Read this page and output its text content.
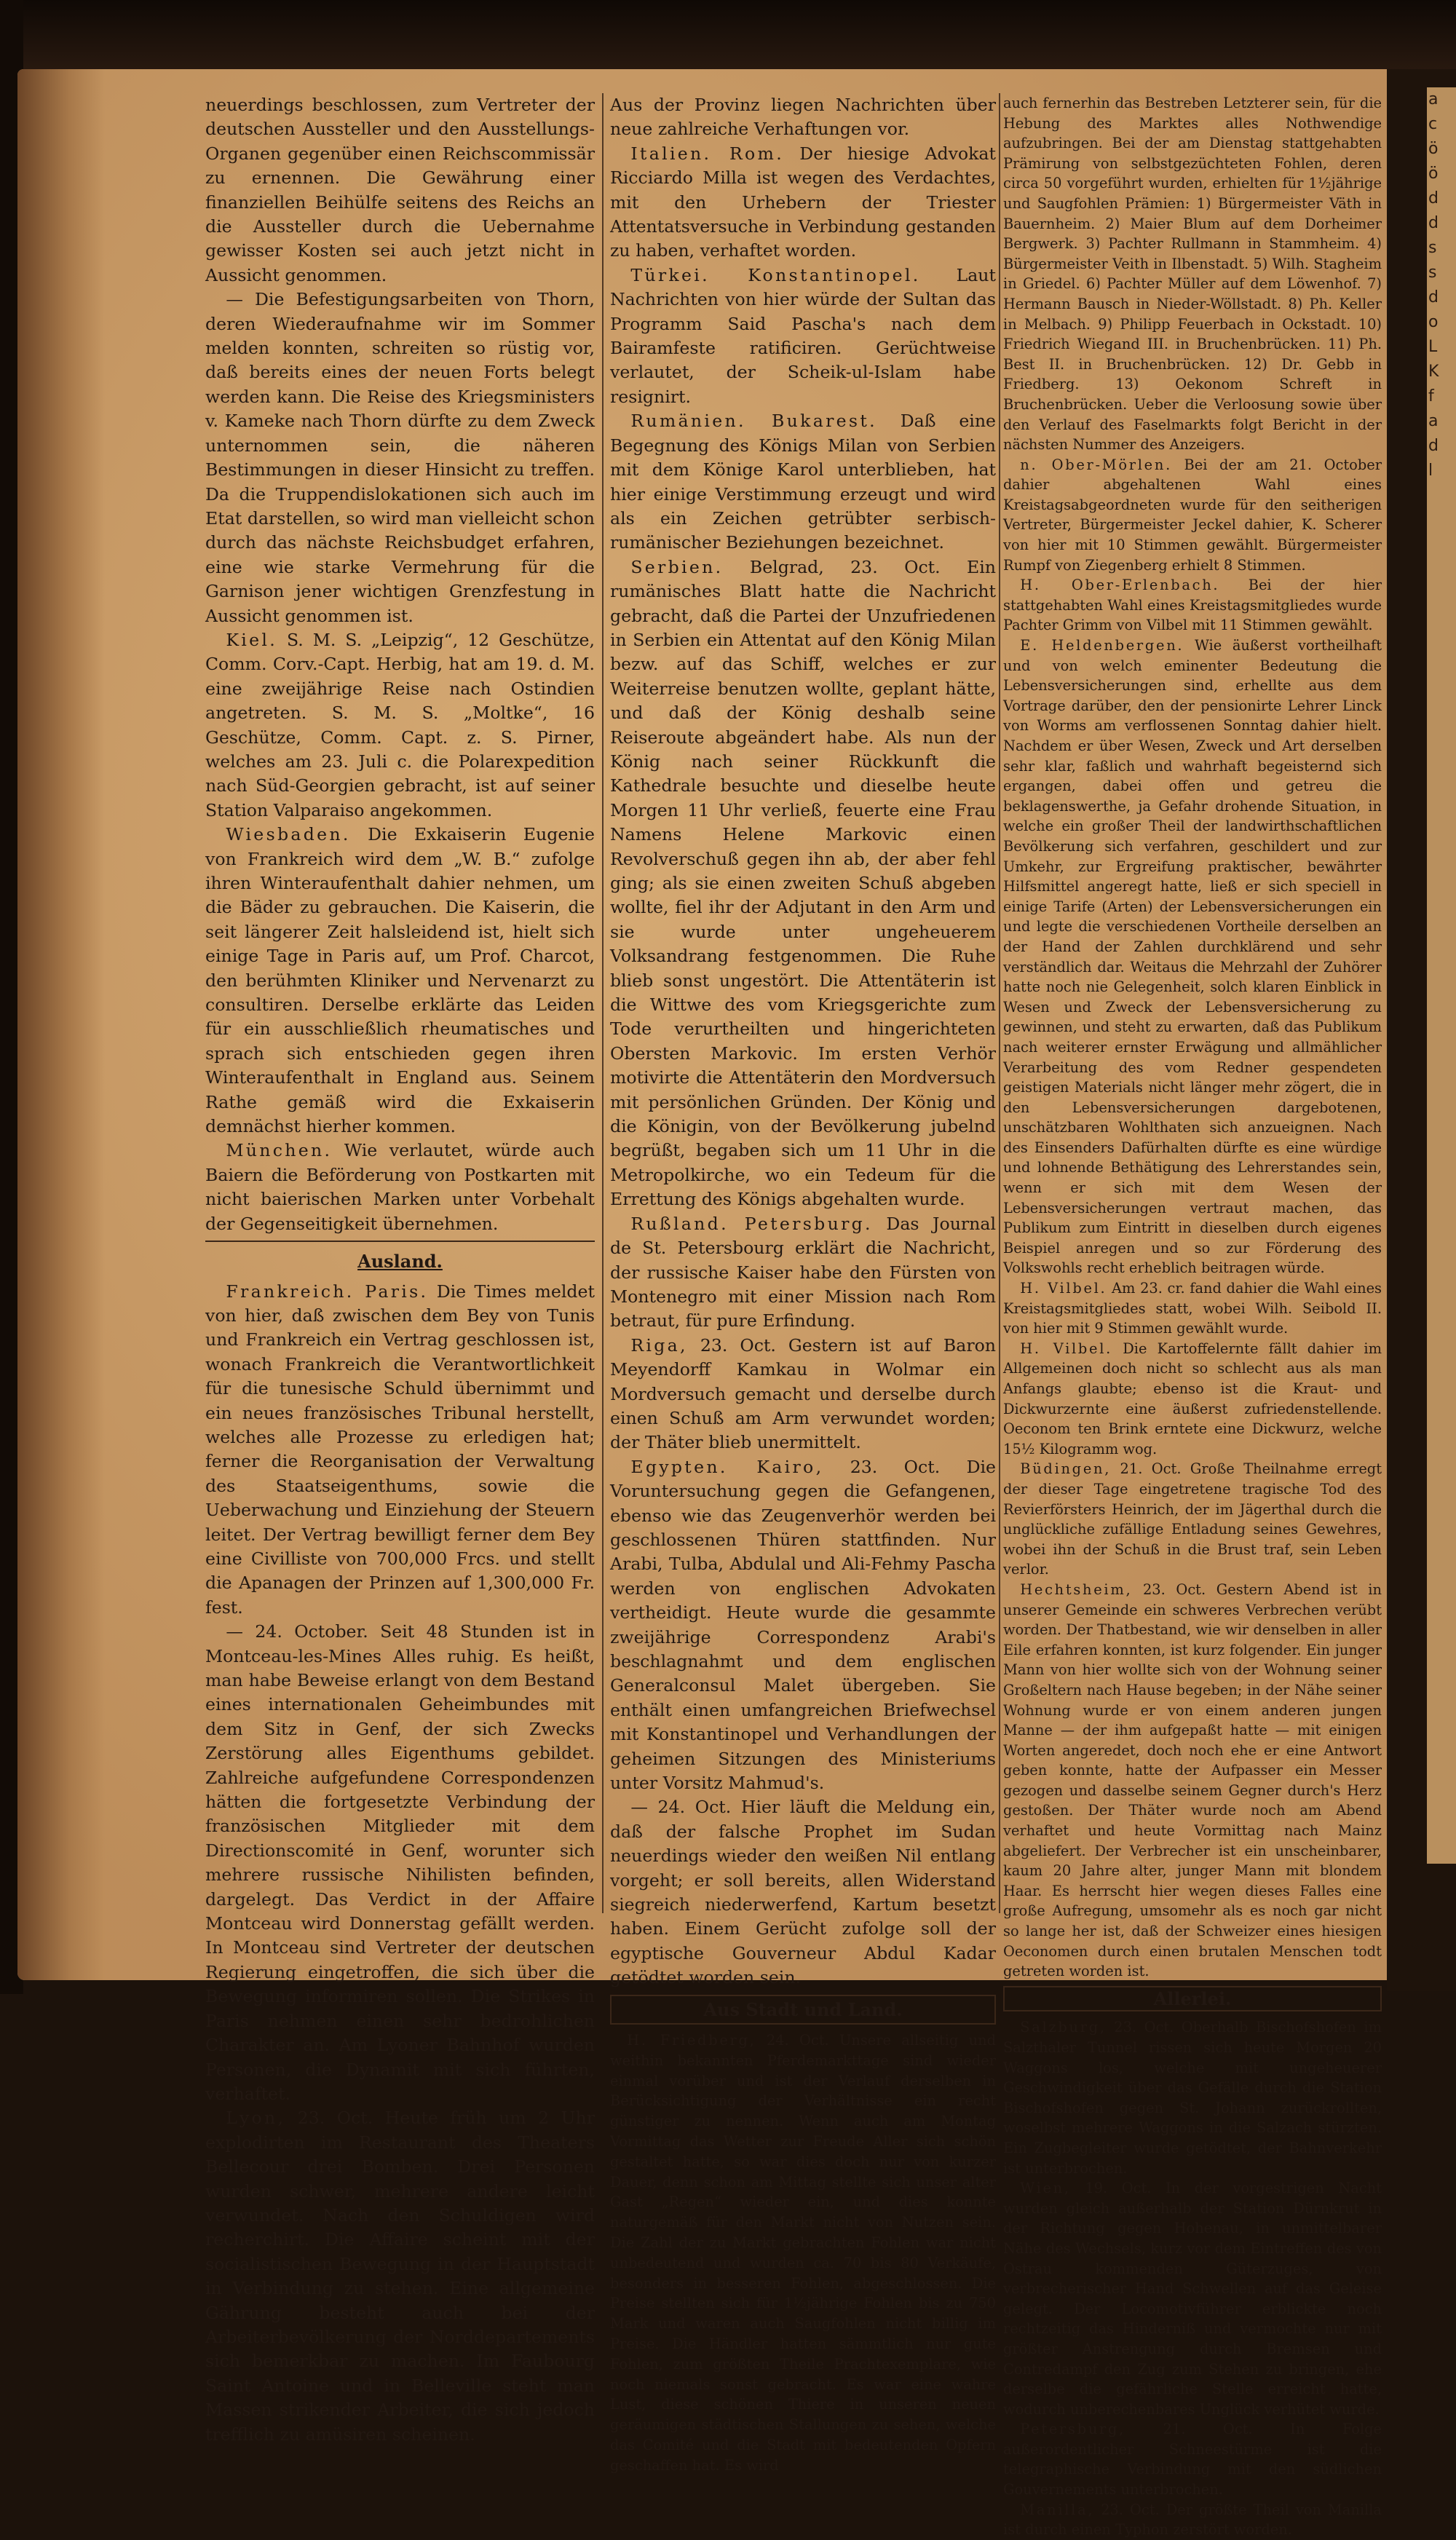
a
c
ö
ö
d
d
s
s
d
o
L
K
f
a
d
l

neuerdings beschlossen, zum Vertreter der deutschen Aussteller und den Ausstellungs-Organen gegenüber einen Reichscommissär zu ernennen. Die Gewährung einer finanziellen Beihülfe seitens des Reichs an die Aussteller durch die Uebernahme gewisser Kosten sei auch jetzt nicht in Aussicht genommen.

— Die Befestigungsarbeiten von Thorn, deren Wiederaufnahme wir im Sommer melden konnten, schreiten so rüstig vor, daß bereits eines der neuen Forts belegt werden kann. Die Reise des Kriegsministers v. Kameke nach Thorn dürfte zu dem Zweck unternommen sein, die näheren Bestimmungen in dieser Hinsicht zu treffen. Da die Truppendislokationen sich auch im Etat darstellen, so wird man vielleicht schon durch das nächste Reichsbudget erfahren, eine wie starke Vermehrung für die Garnison jener wichtigen Grenzfestung in Aussicht genommen ist.

Kiel. S. M. S. „Leipzig“, 12 Geschütze, Comm. Corv.-Capt. Herbig, hat am 19. d. M. eine zweijährige Reise nach Ostindien angetreten. S. M. S. „Moltke“, 16 Geschütze, Comm. Capt. z. S. Pirner, welches am 23. Juli c. die Polarexpedition nach Süd-Georgien gebracht, ist auf seiner Station Valparaiso angekommen.

Wiesbaden. Die Exkaiserin Eugenie von Frankreich wird dem „W. B.“ zufolge ihren Winteraufenthalt dahier nehmen, um die Bäder zu gebrauchen. Die Kaiserin, die seit längerer Zeit halsleidend ist, hielt sich einige Tage in Paris auf, um Prof. Charcot, den berühmten Kliniker und Nervenarzt zu consultiren. Derselbe erklärte das Leiden für ein ausschließlich rheumatisches und sprach sich entschieden gegen ihren Winteraufenthalt in England aus. Seinem Rathe gemäß wird die Exkaiserin demnächst hierher kommen.

München. Wie verlautet, würde auch Baiern die Beförderung von Postkarten mit nicht baierischen Marken unter Vorbehalt der Gegenseitigkeit übernehmen.

Ausland.

Frankreich. Paris. Die Times meldet von hier, daß zwischen dem Bey von Tunis und Frankreich ein Vertrag geschlossen ist, wonach Frankreich die Verantwortlichkeit für die tunesische Schuld übernimmt und ein neues französisches Tribunal herstellt, welches alle Prozesse zu erledigen hat; ferner die Reorganisation der Verwaltung des Staatseigenthums, sowie die Ueberwachung und Einziehung der Steuern leitet. Der Vertrag bewilligt ferner dem Bey eine Civilliste von 700,000 Frcs. und stellt die Apanagen der Prinzen auf 1,300,000 Fr. fest.

— 24. October. Seit 48 Stunden ist in Montceau-les-Mines Alles ruhig. Es heißt, man habe Beweise erlangt von dem Bestand eines internationalen Geheimbundes mit dem Sitz in Genf, der sich Zwecks Zerstörung alles Eigenthums gebildet. Zahlreiche aufgefundene Correspondenzen hätten die fortgesetzte Verbindung der französischen Mitglieder mit dem Directionscomité in Genf, worunter sich mehrere russische Nihilisten befinden, dargelegt. Das Verdict in der Affaire Montceau wird Donnerstag gefällt werden. In Montceau sind Vertreter der deutschen Regierung eingetroffen, die sich über die Bewegung informiren sollen. Die Strikes in Paris nehmen einen sehr bedrohlichen Charakter an. Am Lyoner Bahnhof wurden Personen, die Dynamit mit sich führten, verhaftet.

Lyon, 23. Oct. Heute früh um 2 Uhr explodirten im Restaurant des Theaters Bellecour drei Bomben. Drei Personen wurden schwer, mehrere andere leicht verwundet. Nach den Schuldigen wird recherchirt. Die Affaire scheint mit der socialistischen Bewegung in der Hauptstadt in Verbindung zu stehen. Eine allgemeine Gährung besteht auch bei der Arbeiterbevölkerung der Norddepartements sich bemerkbar zu machen. Im Faubourg Saint Antoine und in Belleville steht man Massen strikender Arbeiter, die sich jedoch trefflich zu amüsiren scheinen.

Aus der Provinz liegen Nachrichten über neue zahlreiche Verhaftungen vor.

Italien. Rom. Der hiesige Advokat Ricciardo Milla ist wegen des Verdachtes, mit den Urhebern der Triester Attentatsversuche in Verbindung gestanden zu haben, verhaftet worden.

Türkei. Konstantinopel. Laut Nachrichten von hier würde der Sultan das Programm Said Pascha's nach dem Bairamfeste ratificiren. Gerüchtweise verlautet, der Scheik-ul-Islam habe resignirt.

Rumänien. Bukarest. Daß eine Begegnung des Königs Milan von Serbien mit dem Könige Karol unterblieben, hat hier einige Verstimmung erzeugt und wird als ein Zeichen getrübter serbisch-rumänischer Beziehungen bezeichnet.

Serbien. Belgrad, 23. Oct. Ein rumänisches Blatt hatte die Nachricht gebracht, daß die Partei der Unzufriedenen in Serbien ein Attentat auf den König Milan bezw. auf das Schiff, welches er zur Weiterreise benutzen wollte, geplant hätte, und daß der König deshalb seine Reiseroute abgeändert habe. Als nun der König nach seiner Rückkunft die Kathedrale besuchte und dieselbe heute Morgen 11 Uhr verließ, feuerte eine Frau Namens Helene Markovic einen Revolverschuß gegen ihn ab, der aber fehl ging; als sie einen zweiten Schuß abgeben wollte, fiel ihr der Adjutant in den Arm und sie wurde unter ungeheuerem Volksandrang festgenommen. Die Ruhe blieb sonst ungestört. Die Attentäterin ist die Wittwe des vom Kriegsgerichte zum Tode verurtheilten und hingerichteten Obersten Markovic. Im ersten Verhör motivirte die Attentäterin den Mordversuch mit persönlichen Gründen. Der König und die Königin, von der Bevölkerung jubelnd begrüßt, begaben sich um 11 Uhr in die Metropolkirche, wo ein Tedeum für die Errettung des Königs abgehalten wurde.

Rußland. Petersburg. Das Journal de St. Petersbourg erklärt die Nachricht, der russische Kaiser habe den Fürsten von Montenegro mit einer Mission nach Rom betraut, für pure Erfindung.

Riga, 23. Oct. Gestern ist auf Baron Meyendorff Kamkau in Wolmar ein Mordversuch gemacht und derselbe durch einen Schuß am Arm verwundet worden; der Thäter blieb unermittelt.

Egypten. Kairo, 23. Oct. Die Voruntersuchung gegen die Gefangenen, ebenso wie das Zeugenverhör werden bei geschlossenen Thüren stattfinden. Nur Arabi, Tulba, Abdulal und Ali-Fehmy Pascha werden von englischen Advokaten vertheidigt. Heute wurde die gesammte zweijährige Correspondenz Arabi's beschlagnahmt und dem englischen Generalconsul Malet übergeben. Sie enthält einen umfangreichen Briefwechsel mit Konstantinopel und Verhandlungen der geheimen Sitzungen des Ministeriums unter Vorsitz Mahmud's.

— 24. Oct. Hier läuft die Meldung ein, daß der falsche Prophet im Sudan neuerdings wieder den weißen Nil entlang vorgeht; er soll bereits, allen Widerstand siegreich niederwerfend, Kartum besetzt haben. Einem Gerücht zufolge soll der egyptische Gouverneur Abdul Kadar getödtet worden sein.

Aus Stadt und Land.

H. Friedberg, 24. Oct. Unsere allseitig und weithin bekannten Pferdemarkttage sind wieder einmal vorüber und ist der Verlauf derselben in Berücksichtigung der Verhältnisse ein recht günstiger zu nennen. Wenn auch am Montag Vormittag das Wetter zur Freude Aller sich schön gestaltet hatte, so war dies doch nur von kurzer Dauer, denn schon am Mittag stellte sich unser alter Gast „Regen“ wieder ein, und dies konnte naturgemäß für den Markt nicht von Nutzen sein. Die Zahl der zu Markt gebrachten Fohlen war nicht unbedeutend und wurden ca. 70 bis 80 Verkäufe, besonders in besseren Fohlen, abgeschlossen. Die Preise stellten sich für 1½jährige Fohlen bis zu 750 Mark und waren auch Saugfohlen nicht billig im Preise. Die Händler hatten sämmtlich nur gute Fohlen, zum größten Theile Prachtexemplare, wie noch niemals sonst gebracht. Es war eine wahre Lust, diese schönen Thiere in unseren neuen geräumigen städtischen Stallungen zu sehen, welche das Comité und die Stadt mit bedeutenden Opfern geschaffen hat. Es wird

auch fernerhin das Bestreben Letzterer sein, für die Hebung des Marktes alles Nothwendige aufzubringen. Bei der am Dienstag stattgehabten Prämirung von selbstgezüchteten Fohlen, deren circa 50 vorgeführt wurden, erhielten für 1½jährige und Saugfohlen Prämien: 1) Bürgermeister Väth in Bauernheim. 2) Maier Blum auf dem Dorheimer Bergwerk. 3) Pachter Rullmann in Stammheim. 4) Bürgermeister Veith in Ilbenstadt. 5) Wilh. Stagheim in Griedel. 6) Pachter Müller auf dem Löwenhof. 7) Hermann Bausch in Nieder-Wöllstadt. 8) Ph. Keller in Melbach. 9) Philipp Feuerbach in Ockstadt. 10) Friedrich Wiegand III. in Bruchenbrücken. 11) Ph. Best II. in Bruchenbrücken. 12) Dr. Gebb in Friedberg. 13) Oekonom Schreft in Bruchenbrücken. Ueber die Verloosung sowie über den Verlauf des Faselmarkts folgt Bericht in der nächsten Nummer des Anzeigers.

n. Ober-Mörlen. Bei der am 21. October dahier abgehaltenen Wahl eines Kreistagsabgeordneten wurde für den seitherigen Vertreter, Bürgermeister Jeckel dahier, K. Scherer von hier mit 10 Stimmen gewählt. Bürgermeister Rumpf von Ziegenberg erhielt 8 Stimmen.

H. Ober-Erlenbach. Bei der hier stattgehabten Wahl eines Kreistagsmitgliedes wurde Pachter Grimm von Vilbel mit 11 Stimmen gewählt.

E. Heldenbergen. Wie äußerst vortheilhaft und von welch eminenter Bedeutung die Lebensversicherungen sind, erhellte aus dem Vortrage darüber, den der pensionirte Lehrer Linck von Worms am verflossenen Sonntag dahier hielt. Nachdem er über Wesen, Zweck und Art derselben sehr klar, faßlich und wahrhaft begeisternd sich ergangen, dabei offen und getreu die beklagenswerthe, ja Gefahr drohende Situation, in welche ein großer Theil der landwirthschaftlichen Bevölkerung sich verfahren, geschildert und zur Umkehr, zur Ergreifung praktischer, bewährter Hilfsmittel angeregt hatte, ließ er sich speciell in einige Tarife (Arten) der Lebensversicherungen ein und legte die verschiedenen Vortheile derselben an der Hand der Zahlen durchklärend und sehr verständlich dar. Weitaus die Mehrzahl der Zuhörer hatte noch nie Gelegenheit, solch klaren Einblick in Wesen und Zweck der Lebensversicherung zu gewinnen, und steht zu erwarten, daß das Publikum nach weiterer ernster Erwägung und allmählicher Verarbeitung des vom Redner gespendeten geistigen Materials nicht länger mehr zögert, die in den Lebensversicherungen dargebotenen, unschätzbaren Wohlthaten sich anzueignen. Nach des Einsenders Dafürhalten dürfte es eine würdige und lohnende Bethätigung des Lehrerstandes sein, wenn er sich mit dem Wesen der Lebensversicherungen vertraut machen, das Publikum zum Eintritt in dieselben durch eigenes Beispiel anregen und so zur Förderung des Volkswohls recht erheblich beitragen würde.

H. Vilbel. Am 23. cr. fand dahier die Wahl eines Kreistagsmitgliedes statt, wobei Wilh. Seibold II. von hier mit 9 Stimmen gewählt wurde.

H. Vilbel. Die Kartoffelernte fällt dahier im Allgemeinen doch nicht so schlecht aus als man Anfangs glaubte; ebenso ist die Kraut- und Dickwurzernte eine äußerst zufriedenstellende. Oeconom ten Brink erntete eine Dickwurz, welche 15½ Kilogramm wog.

Büdingen, 21. Oct. Große Theilnahme erregt der dieser Tage eingetretene tragische Tod des Revierförsters Heinrich, der im Jägerthal durch die unglückliche zufällige Entladung seines Gewehres, wobei ihn der Schuß in die Brust traf, sein Leben verlor.

Hechtsheim, 23. Oct. Gestern Abend ist in unserer Gemeinde ein schweres Verbrechen verübt worden. Der Thatbestand, wie wir denselben in aller Eile erfahren konnten, ist kurz folgender. Ein junger Mann von hier wollte sich von der Wohnung seiner Großeltern nach Hause begeben; in der Nähe seiner Wohnung wurde er von einem anderen jungen Manne — der ihm aufgepaßt hatte — mit einigen Worten angeredet, doch noch ehe er eine Antwort geben konnte, hatte der Aufpasser ein Messer gezogen und dasselbe seinem Gegner durch's Herz gestoßen. Der Thäter wurde noch am Abend verhaftet und heute Vormittag nach Mainz abgeliefert. Der Verbrecher ist ein unscheinbarer, kaum 20 Jahre alter, junger Mann mit blondem Haar. Es herrscht hier wegen dieses Falles eine große Aufregung, umsomehr als es noch gar nicht so lange her ist, daß der Schweizer eines hiesigen Oeconomen durch einen brutalen Menschen todt getreten worden ist.

Allerlei.

Salzburg, 23. Oct. Oberhalb Bischofshofen im Salzthaler Tunnel rissen sich heute Morgen 20 Waggons los, welche mit ungeheuerer Geschwindigkeit über das Gefälle durch die Station Bischofshofen gegen St. Johann zurückrollten, woselbst mehrere Waggons in die Salzach stürzten. Ein Zugbegleiter wurde getödtet, der Bahnverkehr ist unterbrochen.

Wien, 19. Oct. In der vorgestrigen Nacht wurden gleich außerhalb der Station Dürnkrut in der Richtung gegen Hohenau, in unmittelbarer Nähe des Wechsels, kurz vor dem Eintreffen des von Ostrau kommenden Güterzuges, von verbrecherischer Hand Schwellen auf das Geleise gelegt. Der Locomotivführer erblickte noch rechtzeitig das Hinderniß und vermochte nur mit größter Anstrengung durch Bremsen und Contredampf den Zug zum Stehen zu bringen, ehe derselbe die gefährliche Stelle erreicht hatte, wodurch unberechenbares Unglück verhütet wurde.

Petersburg, 21. Oct. In Folge außerordentlicher Schneestürme ist die telegraphische Verbindung mit den südlichen Gouvernements unterbrochen.

Manilla, 23. Oct. Der größte Theil von Manilla ist durch einen Typhon zerstört worden.
